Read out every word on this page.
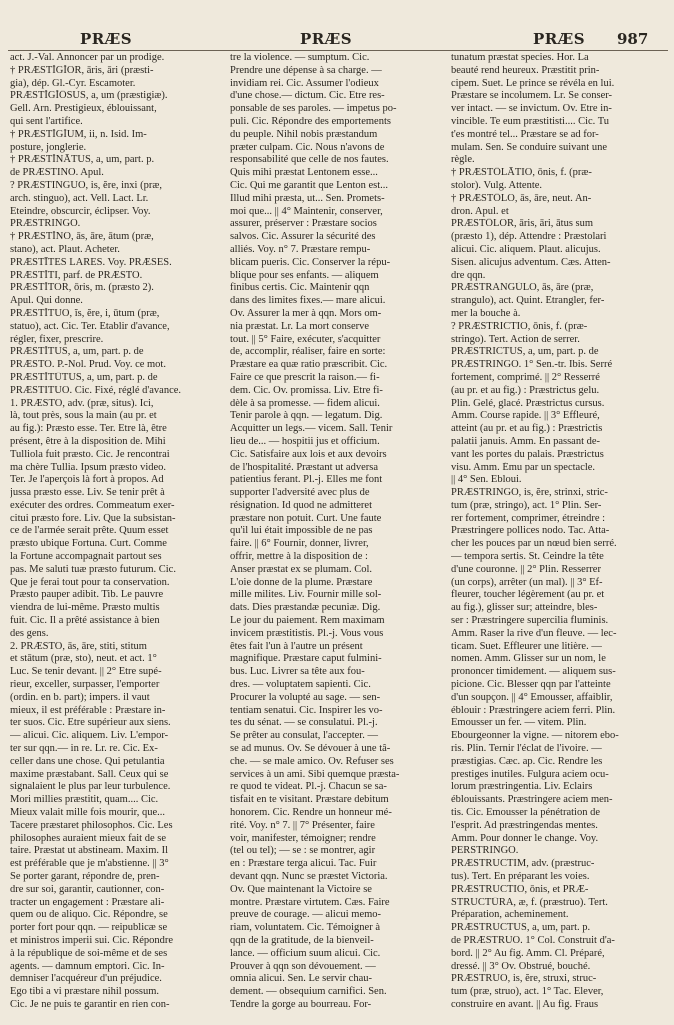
PRÆS	PRÆS	PRÆS 987
act. J.-Val. Annoncer par un prodige.
† PRÆSTĬGĬOR, āris, āri (præsti-
gia), dép. Gl.-Cyr. Escamoter.
PRÆSTĬGĬŌSUS, a, um (præstigiæ).
Gell. Arn. Prestigieux, éblouissant,
qui sent l'artifice.
† PRÆSTĬGĬUM, ii, n. Isid. Im-
posture, jonglerie.
† PRÆSTĬNĀTUS, a, um, part. p.
de PRÆSTINO. Apul.
? PRÆSTINGUO, is, ĕre, inxi (præ,
arch. stinguo), act. Vell. Lact. Lr.
Eteindre, obscurcir, éclipser. Voy.
PRÆSTRINGO.
† PRÆSTĬNO, ās, āre, ātum (præ,
stano), act. Plaut. Acheter.
PRÆSTĪTES LARES. Voy. PRÆSES.
PRÆSTĬTI, parf. de PRÆSTO.
PRÆSTĬTOR, ōris, m. (præsto 2).
Apul. Qui donne.
PRÆSTĬTUO, ĭs, ĕre, i, ūtum (præ,
statuo), act. Cic. Ter. Etablir d'avance,
régler, fixer, prescrire.
PRÆSTĬTUS, a, um, part. p. de
PRÆSTO. P.-Nol. Prud. Voy. ce mot.
PRÆSTĬTŪTUS, a, um, part. p. de
PRÆSTITUO. Cic. Fixé, réglé d'avance.
1. PRÆSTO, adv. (præ, situs). Ici,
là, tout près, sous la main (au pr. et
au fig.): Præsto esse. Ter. Etre là, être
présent, être à la disposition de. Mihi
Tulliola fuit præsto. Cic. Je rencontrai
ma chère Tullia. Ipsum præsto video.
Ter. Je l'aperçois là fort à propos. Ad
jussa præsto esse. Liv. Se tenir prêt à
exécuter des ordres. Commeatum exer-
citui præsto fore. Liv. Que la subsistan-
ce de l'armée serait prête. Quum esset
præsto ubique Fortuna. Curt. Comme
la Fortune accompagnait partout ses
pas. Me saluti tuæ præsto futurum. Cic.
Que je ferai tout pour ta conservation.
Præsto pauper adibit. Tib. Le pauvre
viendra de lui-même. Præsto multis
fuit. Cic. Il a prêté assistance à bien
des gens.
2. PRÆSTO, ās, āre, stiti, stitum
et stātum (præ, sto), neut. et act. 1°
Luc. Se tenir devant. || 2° Etre supé-
rieur, exceller, surpasser, l'emporter
(ordin. en b. part); impers. il vaut
mieux, il est préférable : Præstare in-
ter suos. Cic. Etre supérieur aux siens.
— alicui. Cic. aliquem. Liv. L'empor-
ter sur qqn.— in re. Lr. re. Cic. Ex-
celler dans une chose. Qui petulantia
maxime præstabant. Sall. Ceux qui se
signalaient le plus par leur turbulence.
Mori millies præstitit, quam.... Cic.
Mieux valait mille fois mourir, que...
Tacere præstaret philosophos. Cic. Les
philosophes auraient mieux fait de se
taire. Præstat ut abstineam. Maxim. Il
est préférable que je m'abstienne. || 3°
Se porter garant, répondre de, pren-
dre sur soi, garantir, cautionner, con-
tracter un engagement : Præstare ali-
quem ou de aliquo. Cic. Répondre, se
porter fort pour qqn. — reipublicæ se
et ministros imperii sui. Cic. Répondre
à la république de soi-même et de ses
agents. — damnum emptori. Cic. In-
demniser l'acquéreur d'un préjudice.
Ego tibi a vi præstare nihil possum.
Cic. Je ne puis te garantir en rien con-
tre la violence. — sumptum. Cic.
Prendre une dépense à sa charge. —
invidiam rei. Cic. Assumer l'odieux
d'une chose.— dictum. Cic. Etre res-
ponsable de ses paroles. — impetus po-
puli. Cic. Répondre des emportements
du peuple. Nihil nobis præstandum
præter culpam. Cic. Nous n'avons de
responsabilité que celle de nos fautes.
Quis mihi præstat Lentonem esse...
Cic. Qui me garantit que Lenton est...
Illud mihi præsta, ut... Sen. Promets-
moi que... || 4° Maintenir, conserver,
assurer, préserver : Præstare socios
salvos. Cic. Assurer la sécurité des
alliés. Voy. n° 7. Præstare rempu-
blicam pueris. Cic. Conserver la répu-
blique pour ses enfants. — aliquem
finibus certis. Cic. Maintenir qqn
dans des limites fixes.— mare alicui.
Ov. Assurer la mer à qqn. Mors om-
nia præstat. Lr. La mort conserve
tout. || 5° Faire, exécuter, s'acquitter
de, accomplir, réaliser, faire en sorte:
Præstare ea quæ ratio præscribit. Cic.
Faire ce que prescrit la raison.— fi-
dem. Cic. Ov. promissa. Liv. Etre fi-
dèle à sa promesse. — fidem alicui.
Tenir parole à qqn. — legatum. Dig.
Acquitter un legs.— vicem. Sall. Tenir
lieu de... — hospitii jus et officium.
Cic. Satisfaire aux lois et aux devoirs
de l'hospitalité. Præstant ut adversa
patientius ferant. Pl.-j. Elles me font
supporter l'adversité avec plus de
résignation. Id quod ne admitteret
præstare non potuit. Curt. Une faute
qu'il lui était impossible de ne pas
faire. || 6° Fournir, donner, livrer,
offrir, mettre à la disposition de :
Anser præstat ex se plumam. Col.
L'oie donne de la plume. Præstare
mille milites. Liv. Fournir mille sol-
dats. Dies præstandæ pecuniæ. Dig.
Le jour du paiement. Rem maximam
invicem præstitistis. Pl.-j. Vous vous
êtes fait l'un à l'autre un présent
magnifique. Præstare caput fulmini-
bus. Luc. Livrer sa tête aux fou-
dres. — voluptatem sapienti. Cic.
Procurer la volupté au sage. — sen-
tentiam senatui. Cic. Inspirer les vo-
tes du sénat. — se consulatui. Pl.-j.
Se prêter au consulat, l'accepter. —
se ad munus. Ov. Se dévouer à une tâ-
che. — se male amico. Ov. Refuser ses
services à un ami. Sibi quemque præsta-
re quod te videat. Pl.-j. Chacun se sa-
tisfait en te visitant. Præstare debitum
honorem. Cic. Rendre un honneur mé-
rité. Voy. n° 7. || 7° Présenter, faire
voir, manifester, témoigner; rendre
(tel ou tel); — se : se montrer, agir
en : Præstare terga alicui. Tac. Fuir
devant qqn. Nunc se præstet Victoria.
Ov. Que maintenant la Victoire se
montre. Præstare virtutem. Cæs. Faire
preuve de courage. — alicui memo-
riam, voluntatem. Cic. Témoigner à
qqn de la gratitude, de la bienveil-
lance. — officium suum alicui. Cic.
Prouver à qqn son dévouement. —
omnia alicui. Sen. Le servir chau-
dement. — obsequium carnifici. Sen.
Tendre la gorge au bourreau. For-
tunatum præstat species. Hor. La
beauté rend heureux. Præstitit prin-
cipem. Suet. Le prince se révéla en lui.
Præstare se incolumem. Lr. Se conser-
ver intact. — se invictum. Ov. Etre in-
vincible. Te eum præstitisti.... Cic. Tu
t'es montré tel... Præstare se ad for-
mulam. Sen. Se conduire suivant une
règle.
† PRÆSTŌLĀTIO, ōnis, f. (præ-
stolor). Vulg. Attente.
† PRÆSTŌLO, ās, āre, neut. An-
dron. Apul. et
PRÆSTŌLOR, āris, āri, ātus sum
(præsto 1), dép. Attendre : Præstolari
alicui. Cic. aliquem. Plaut. alicujus.
Sisen. alicujus adventum. Cæs. Atten-
dre qqn.
PRÆSTRANGŬLO, ās, āre (præ,
strangulo), act. Quint. Etrangler, fer-
mer la bouche à.
? PRÆSTRICTIO, ōnis, f. (præ-
stringo). Tert. Action de serrer.
PRÆSTRICTUS, a, um, part. p. de
PRÆSTRINGO. 1° Sen.-tr. Ibis. Serré
fortement, comprimé. || 2° Resserré
(au pr. et au fig.) : Præstrictus gelu.
Plin. Gelé, glacé. Præstrictus cursus.
Amm. Course rapide. || 3° Effleuré,
atteint (au pr. et au fig.) : Præstrictis
palatii januis. Amm. En passant de-
vant les portes du palais. Præstrictus
visu. Amm. Ému par un spectacle.
|| 4° Sen. Ebloui.
PRÆSTRINGO, is, ĕre, strinxi, stric-
tum (præ, stringo), act. 1° Plin. Ser-
rer fortement, comprimer, étreindre :
Præstringere pollices nodo. Tac. Atta-
cher les pouces par un nœud bien serré.
— tempora sertis. St. Ceindre la tête
d'une couronne. || 2° Plin. Resserrer
(un corps), arrêter (un mal). || 3° Ef-
fleurer, toucher légèrement (au pr. et
au fig.), glisser sur; atteindre, bles-
ser : Præstringere supercilia fluminis.
Amm. Raser la rive d'un fleuve. — lec-
ticam. Suet. Effleurer une litière. —
nomen. Amm. Glisser sur un nom, le
prononcer timidement. — aliquem sus-
picione. Cic. Blesser qqn par l'atteinte
d'un soupçon. || 4° Emousser, affaiblir,
éblouir : Præstringere aciem ferri. Plin.
Emousser un fer. — vitem. Plin.
Ebourgeonner la vigne. — nitorem ebo-
ris. Plin. Ternir l'éclat de l'ivoire. —
præstigias. Cæc. ap. Cic. Rendre les
prestiges inutiles. Fulgura aciem ocu-
lorum præstringentia. Liv. Eclairs
éblouissants. Præstringere aciem men-
tis. Cic. Emousser la pénétration de
l'esprit. Ad præstringendas mentes.
Amm. Pour donner le change. Voy.
PERSTRINGO.
PRÆSTRUCTIM, adv. (præstruc-
tus). Tert. En préparant les voies.
PRÆSTRUCTIO, ōnis, et PRÆ-
STRUCTŪRA, æ, f. (præstruo). Tert.
Préparation, acheminement.
PRÆSTRUCTUS, a, um, part. p.
de PRÆSTRUO. 1° Col. Construit d'a-
bord. || 2° Au fig. Amm. Cl. Préparé,
dressé. || 3° Ov. Obstrué, bouché.
PRÆSTRUO, is, ĕre, struxi, struc-
tum (præ, struo), act. 1° Tac. Elever,
construire en avant. || Au fig. Fraus
